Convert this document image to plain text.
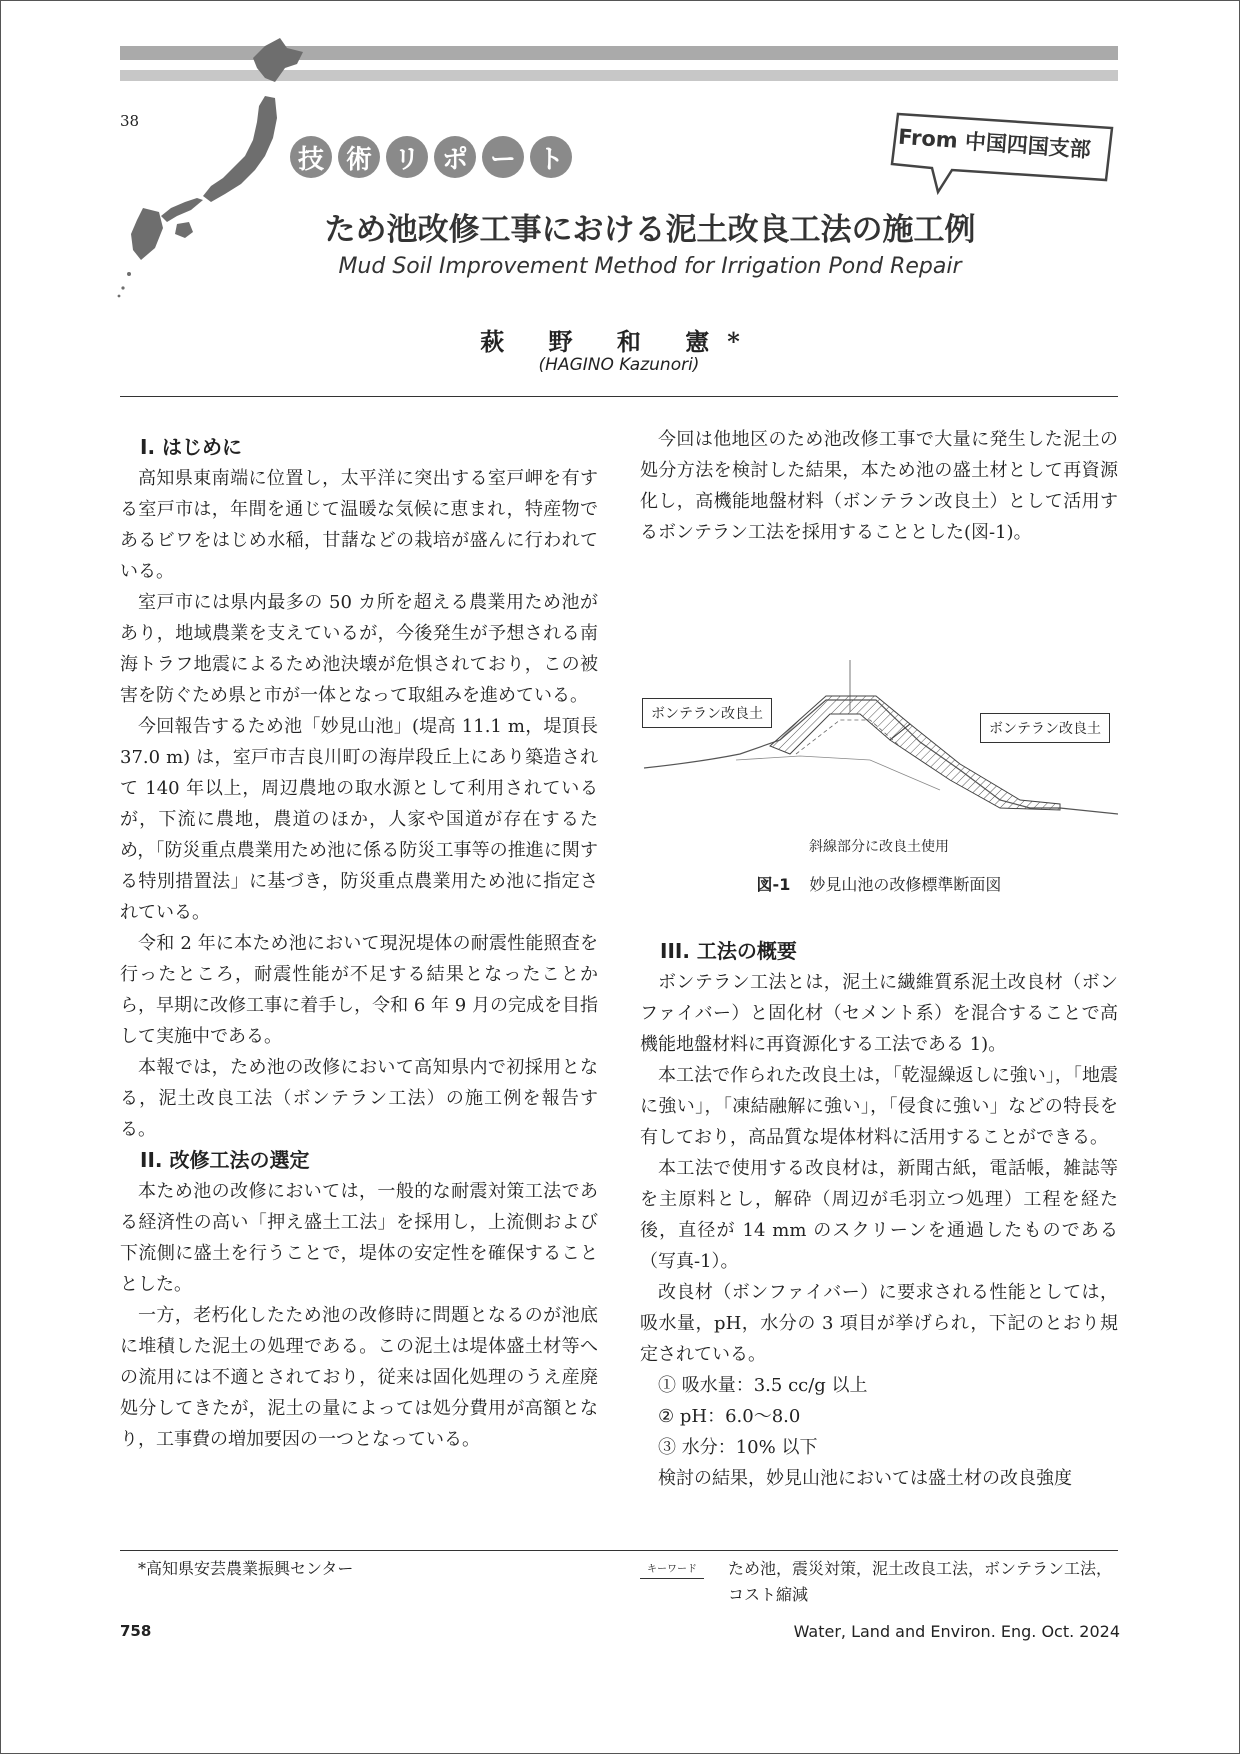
38
技 術 リ ポ ー ト	From 中国四国支部
ため池改修工事における泥土改良工法の施工例
Mud Soil Improvement Method for Irrigation Pond Repair
萩 野 和 憲*
(HAGINO Kazunori)

I. はじめに

高知県東南端に位置し，太平洋に突出する室戸岬を有する室戸市は，年間を通じて温暖な気候に恵まれ，特産物であるビワをはじめ水稲，甘藷などの栽培が盛んに行われている。

室戸市には県内最多の 50 カ所を超える農業用ため池があり，地域農業を支えているが，今後発生が予想される南海トラフ地震によるため池決壊が危惧されており，この被害を防ぐため県と市が一体となって取組みを進めている。

今回報告するため池「妙見山池」(堤高 11.1 m，堤頂長 37.0 m) は，室戸市吉良川町の海岸段丘上にあり築造されて 140 年以上，周辺農地の取水源として利用されているが，下流に農地，農道のほか，人家や国道が存在するため，「防災重点農業用ため池に係る防災工事等の推進に関する特別措置法」に基づき，防災重点農業用ため池に指定されている。

令和 2 年に本ため池において現況堤体の耐震性能照査を行ったところ，耐震性能が不足する結果となったことから，早期に改修工事に着手し，令和 6 年 9 月の完成を目指して実施中である。

本報では，ため池の改修において高知県内で初採用となる，泥土改良工法（ボンテラン工法）の施工例を報告する。

II. 改修工法の選定

本ため池の改修においては，一般的な耐震対策工法である経済性の高い「押え盛土工法」を採用し，上流側および下流側に盛土を行うことで，堤体の安定性を確保することとした。

一方，老朽化したため池の改修時に問題となるのが池底に堆積した泥土の処理である。この泥土は堤体盛土材等への流用には不適とされており，従来は固化処理のうえ産廃処分してきたが，泥土の量によっては処分費用が高額となり，工事費の増加要因の一つとなっている。

今回は他地区のため池改修工事で大量に発生した泥土の処分方法を検討した結果，本ため池の盛土材として再資源化し，高機能地盤材料（ボンテラン改良土）として活用するボンテラン工法を採用することとした(図-1)。

ボンテラン改良土
ボンテラン改良土
斜線部分に改良土使用
図-1 妙見山池の改修標準断面図

III. 工法の概要

ボンテラン工法とは，泥土に繊維質系泥土改良材（ボンファイバー）と固化材（セメント系）を混合することで高機能地盤材料に再資源化する工法である 1)。

本工法で作られた改良土は，「乾湿繰返しに強い」，「地震に強い」，「凍結融解に強い」，「侵食に強い」などの特長を有しており，高品質な堤体材料に活用することができる。

本工法で使用する改良材は，新聞古紙，電話帳，雑誌等を主原料とし，解砕（周辺が毛羽立つ処理）工程を経た後，直径が 14 mm のスクリーンを通過したものである（写真-1）。

改良材（ボンファイバー）に要求される性能としては，吸水量，pH，水分の 3 項目が挙げられ，下記のとおり規定されている。

① 吸水量：3.5 cc/g 以上

② pH：6.0～8.0

③ 水分：10% 以下

検討の結果，妙見山池においては盛土材の改良強度

*高知県安芸農業振興センター	キーワード	ため池，震災対策，泥土改良工法，ボンテラン工法，コスト縮減
758	Water, Land and Environ. Eng. Oct. 2024
